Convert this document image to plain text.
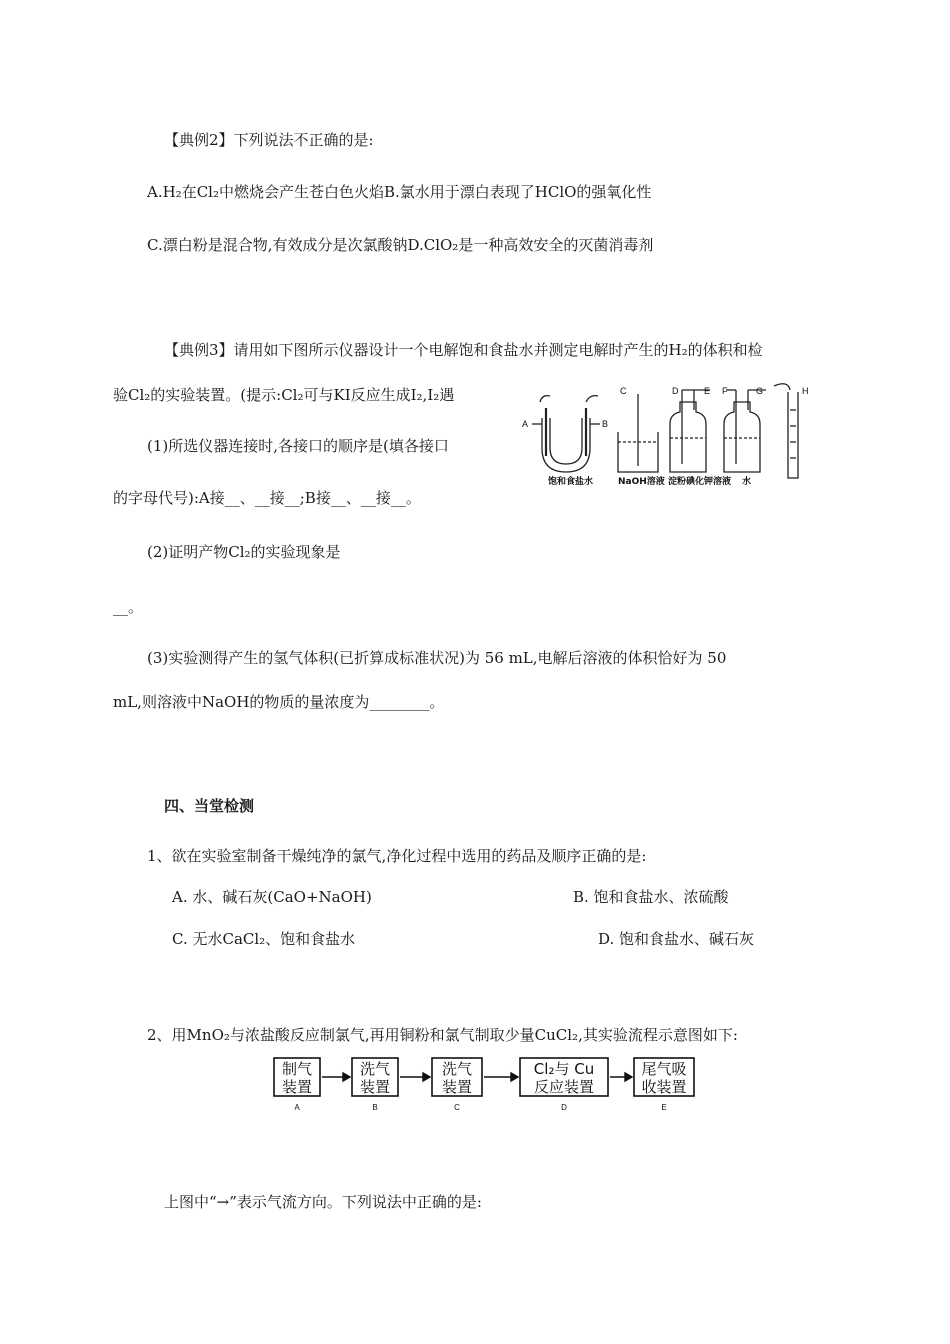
【典例2】下列说法不正确的是:
A.H₂在Cl₂中燃烧会产生苍白色火焰B.氯水用于漂白表现了HClO的强氧化性
C.漂白粉是混合物,有效成分是次氯酸钠D.ClO₂是一种高效安全的灭菌消毒剂
【典例3】请用如下图所示仪器设计一个电解饱和食盐水并测定电解时产生的H₂的体积和检
验Cl₂的实验装置。(提示:Cl₂可与KI反应生成I₂,I₂遇
(1)所选仪器连接时,各接口的顺序是(填各接口
的字母代号):A接__、__接__;B接__、__接__。
(2)证明产物Cl₂的实验现象是
__。
(3)实验测得产生的氢气体积(已折算成标准状况)为 56 mL,电解后溶液的体积恰好为 50
mL,则溶液中NaOH的物质的量浓度为________。
A	B
C	D	E F	G	H
饱和食盐水	NaOH溶液 淀粉碘化钾溶液 水
四、当堂检测
1、欲在实验室制备干燥纯净的氯气,净化过程中选用的药品及顺序正确的是:
A. 水、碱石灰(CaO+NaOH)	B. 饱和食盐水、浓硫酸
C. 无水CaCl₂、饱和食盐水	D. 饱和食盐水、碱石灰
2、用MnO₂与浓盐酸反应制氯气,再用铜粉和氯气制取少量CuCl₂,其实验流程示意图如下:
制气
装置
洗气
装置
洗气
装置
Cl₂与 Cu
反应装置
尾气吸
收装置
A	B	C	D	E
上图中“→”表示气流方向。下列说法中正确的是:
